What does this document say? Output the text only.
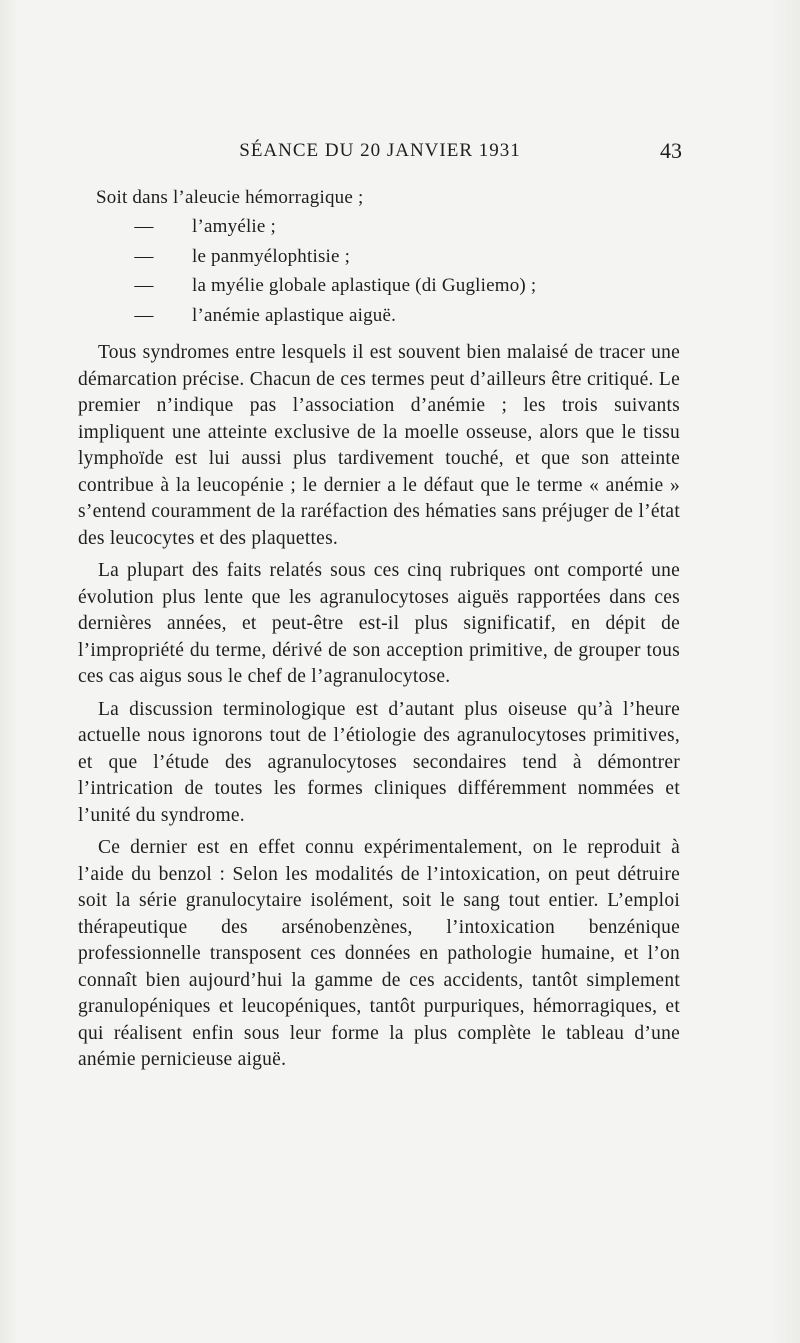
SÉANCE DU 20 JANVIER 1931	43
Soit dans l’aleucie hémorragique ;
— l’amyélie ;
— le panmyélophtisie ;
— la myélie globale aplastique (di Gugliemo) ;
— l’anémie aplastique aiguë.

Tous syndromes entre lesquels il est souvent bien malaisé de tracer une démarcation précise. Chacun de ces termes peut d’ailleurs être critiqué. Le premier n’indique pas l’association d’anémie ; les trois suivants impliquent une atteinte exclusive de la moelle osseuse, alors que le tissu lymphoïde est lui aussi plus tardivement touché, et que son atteinte contribue à la leucopénie ; le dernier a le défaut que le terme « anémie » s’entend couramment de la raréfaction des hématies sans préjuger de l’état des leucocytes et des plaquettes.

La plupart des faits relatés sous ces cinq rubriques ont comporté une évolution plus lente que les agranulocytoses aiguës rapportées dans ces dernières années, et peut-être est-il plus significatif, en dépit de l’impropriété du terme, dérivé de son acception primitive, de grouper tous ces cas aigus sous le chef de l’agranulocytose.

La discussion terminologique est d’autant plus oiseuse qu’à l’heure actuelle nous ignorons tout de l’étiologie des agranulocytoses primitives, et que l’étude des agranulocytoses secondaires tend à démontrer l’intrication de toutes les formes cliniques différemment nommées et l’unité du syndrome.

Ce dernier est en effet connu expérimentalement, on le reproduit à l’aide du benzol : Selon les modalités de l’intoxication, on peut détruire soit la série granulocytaire isolément, soit le sang tout entier. L’emploi thérapeutique des arsénobenzènes, l’intoxication benzénique professionnelle transposent ces données en pathologie humaine, et l’on connaît bien aujourd’hui la gamme de ces accidents, tantôt simplement granulopéniques et leucopéniques, tantôt purpuriques, hémorragiques, et qui réalisent enfin sous leur forme la plus complète le tableau d’une anémie pernicieuse aiguë.
